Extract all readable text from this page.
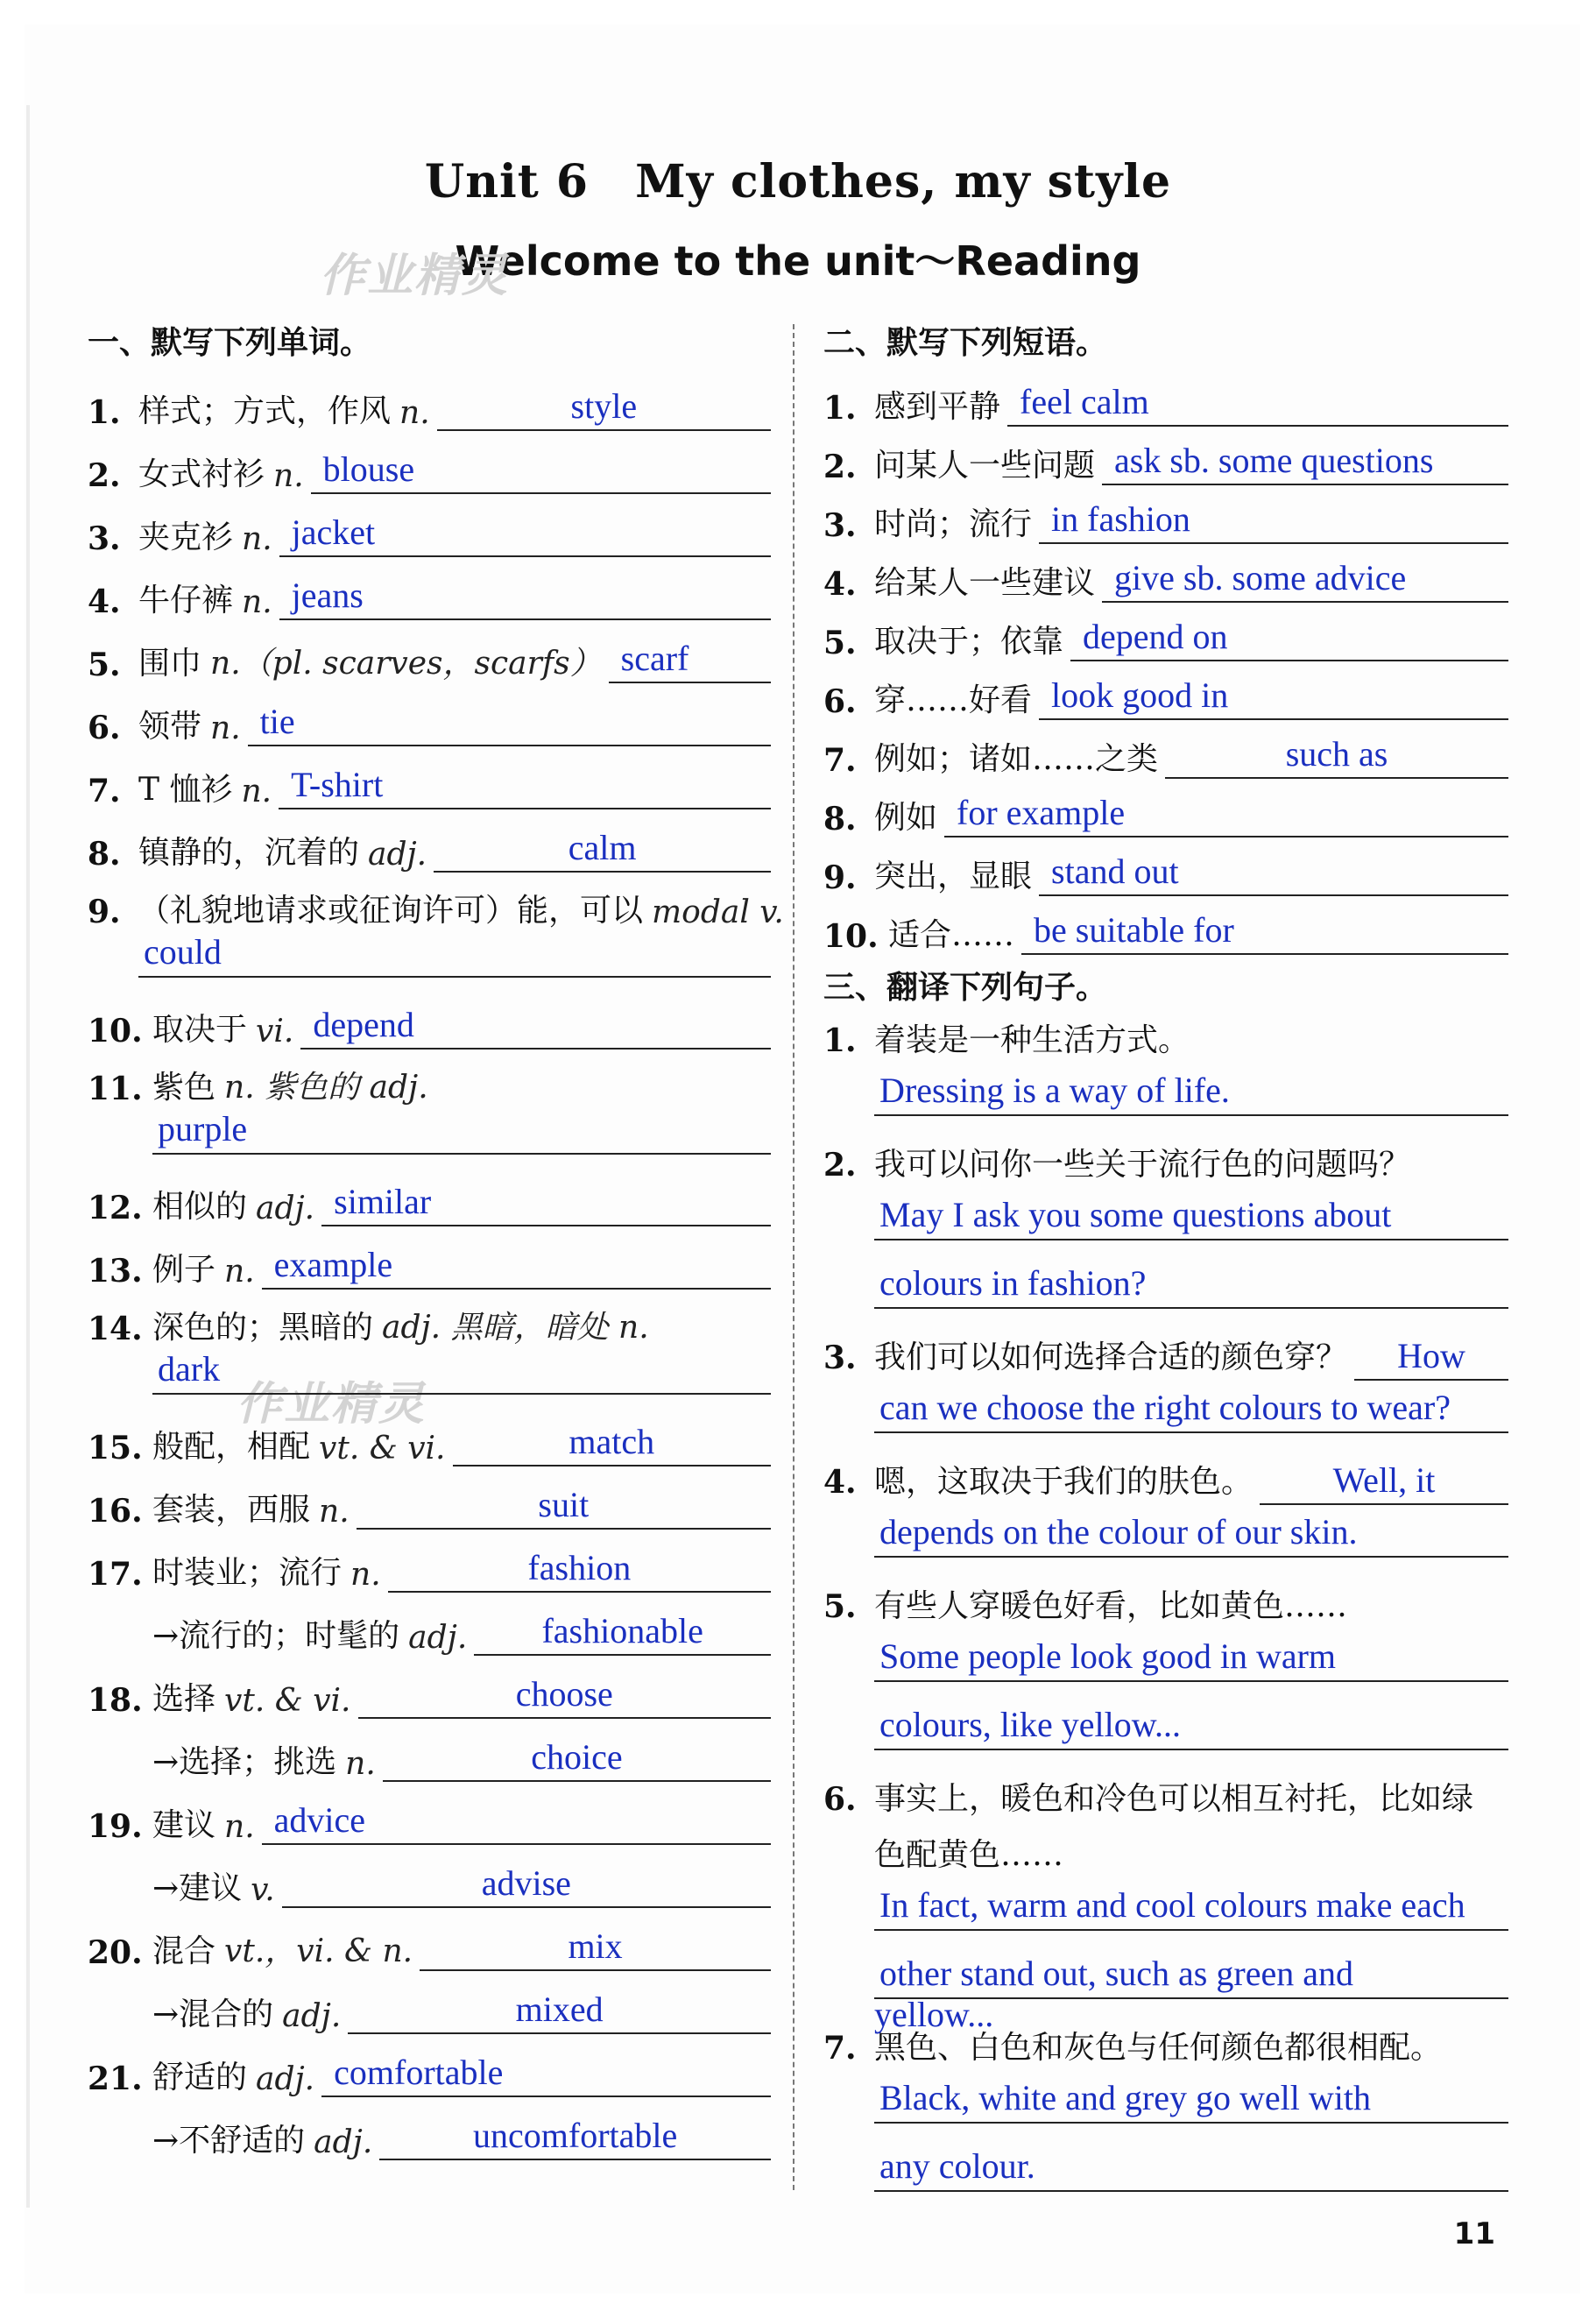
Unit 6　My clothes, my style
Welcome to the unit～Reading
作业精灵
作业精灵
一、默写下列单词。
1. 样式；方式，作风 n.	style
2. 女式衬衫 n. blouse
3. 夹克衫 n. jacket
4. 牛仔裤 n. jeans
5. 围巾 n.（pl. scarves，scarfs） scarf
6. 领带 n. tie
7. T 恤衫 n. T-shirt
8. 镇静的，沉着的 adj.	calm
9. （礼貌地请求或征询许可）能，可以 modal v.
could
10. 取决于 vi. depend
11. 紫色 n. 紫色的 adj.
purple
12. 相似的 adj. similar
13. 例子 n. example
14. 深色的；黑暗的 adj. 黑暗，暗处 n.
dark
15. 般配，相配 vt. & vi.	match
16. 套装，西服 n.	suit
17. 时装业；流行 n.	fashion
→流行的；时髦的 adj.	fashionable
18. 选择 vt. & vi.	choose
→选择；挑选 n.	choice
19. 建议 n. advice
→建议 v.	advise
20. 混合 vt.，vi. & n.	mix
→混合的 adj.	mixed
21. 舒适的 adj. comfortable
→不舒适的 adj.	uncomfortable
二、默写下列短语。
1. 感到平静 feel calm
2. 问某人一些问题 ask sb. some questions
3. 时尚；流行 in fashion
4. 给某人一些建议 give sb. some advice
5. 取决于；依靠 depend on
6. 穿……好看 look good in
7. 例如；诸如……之类	such as
8. 例如 for example
9. 突出，显眼 stand out
10. 适合…… be suitable for
三、翻译下列句子。
1. 着装是一种生活方式。
Dressing is a way of life.
2. 我可以问你一些关于流行色的问题吗？
May I ask you some questions about
colours in fashion?
3. 我们可以如何选择合适的颜色穿？	How
can we choose the right colours to wear?
4. 嗯，这取决于我们的肤色。	Well, it
depends on the colour of our skin.
5. 有些人穿暖色好看，比如黄色……
Some people look good in warm
colours, like yellow...
6. 事实上，暖色和冷色可以相互衬托，比如绿
色配黄色……
In fact, warm and cool colours make each
other stand out, such as green and
yellow...
7. 黑色、白色和灰色与任何颜色都很相配。
Black, white and grey go well with
any colour.
11
